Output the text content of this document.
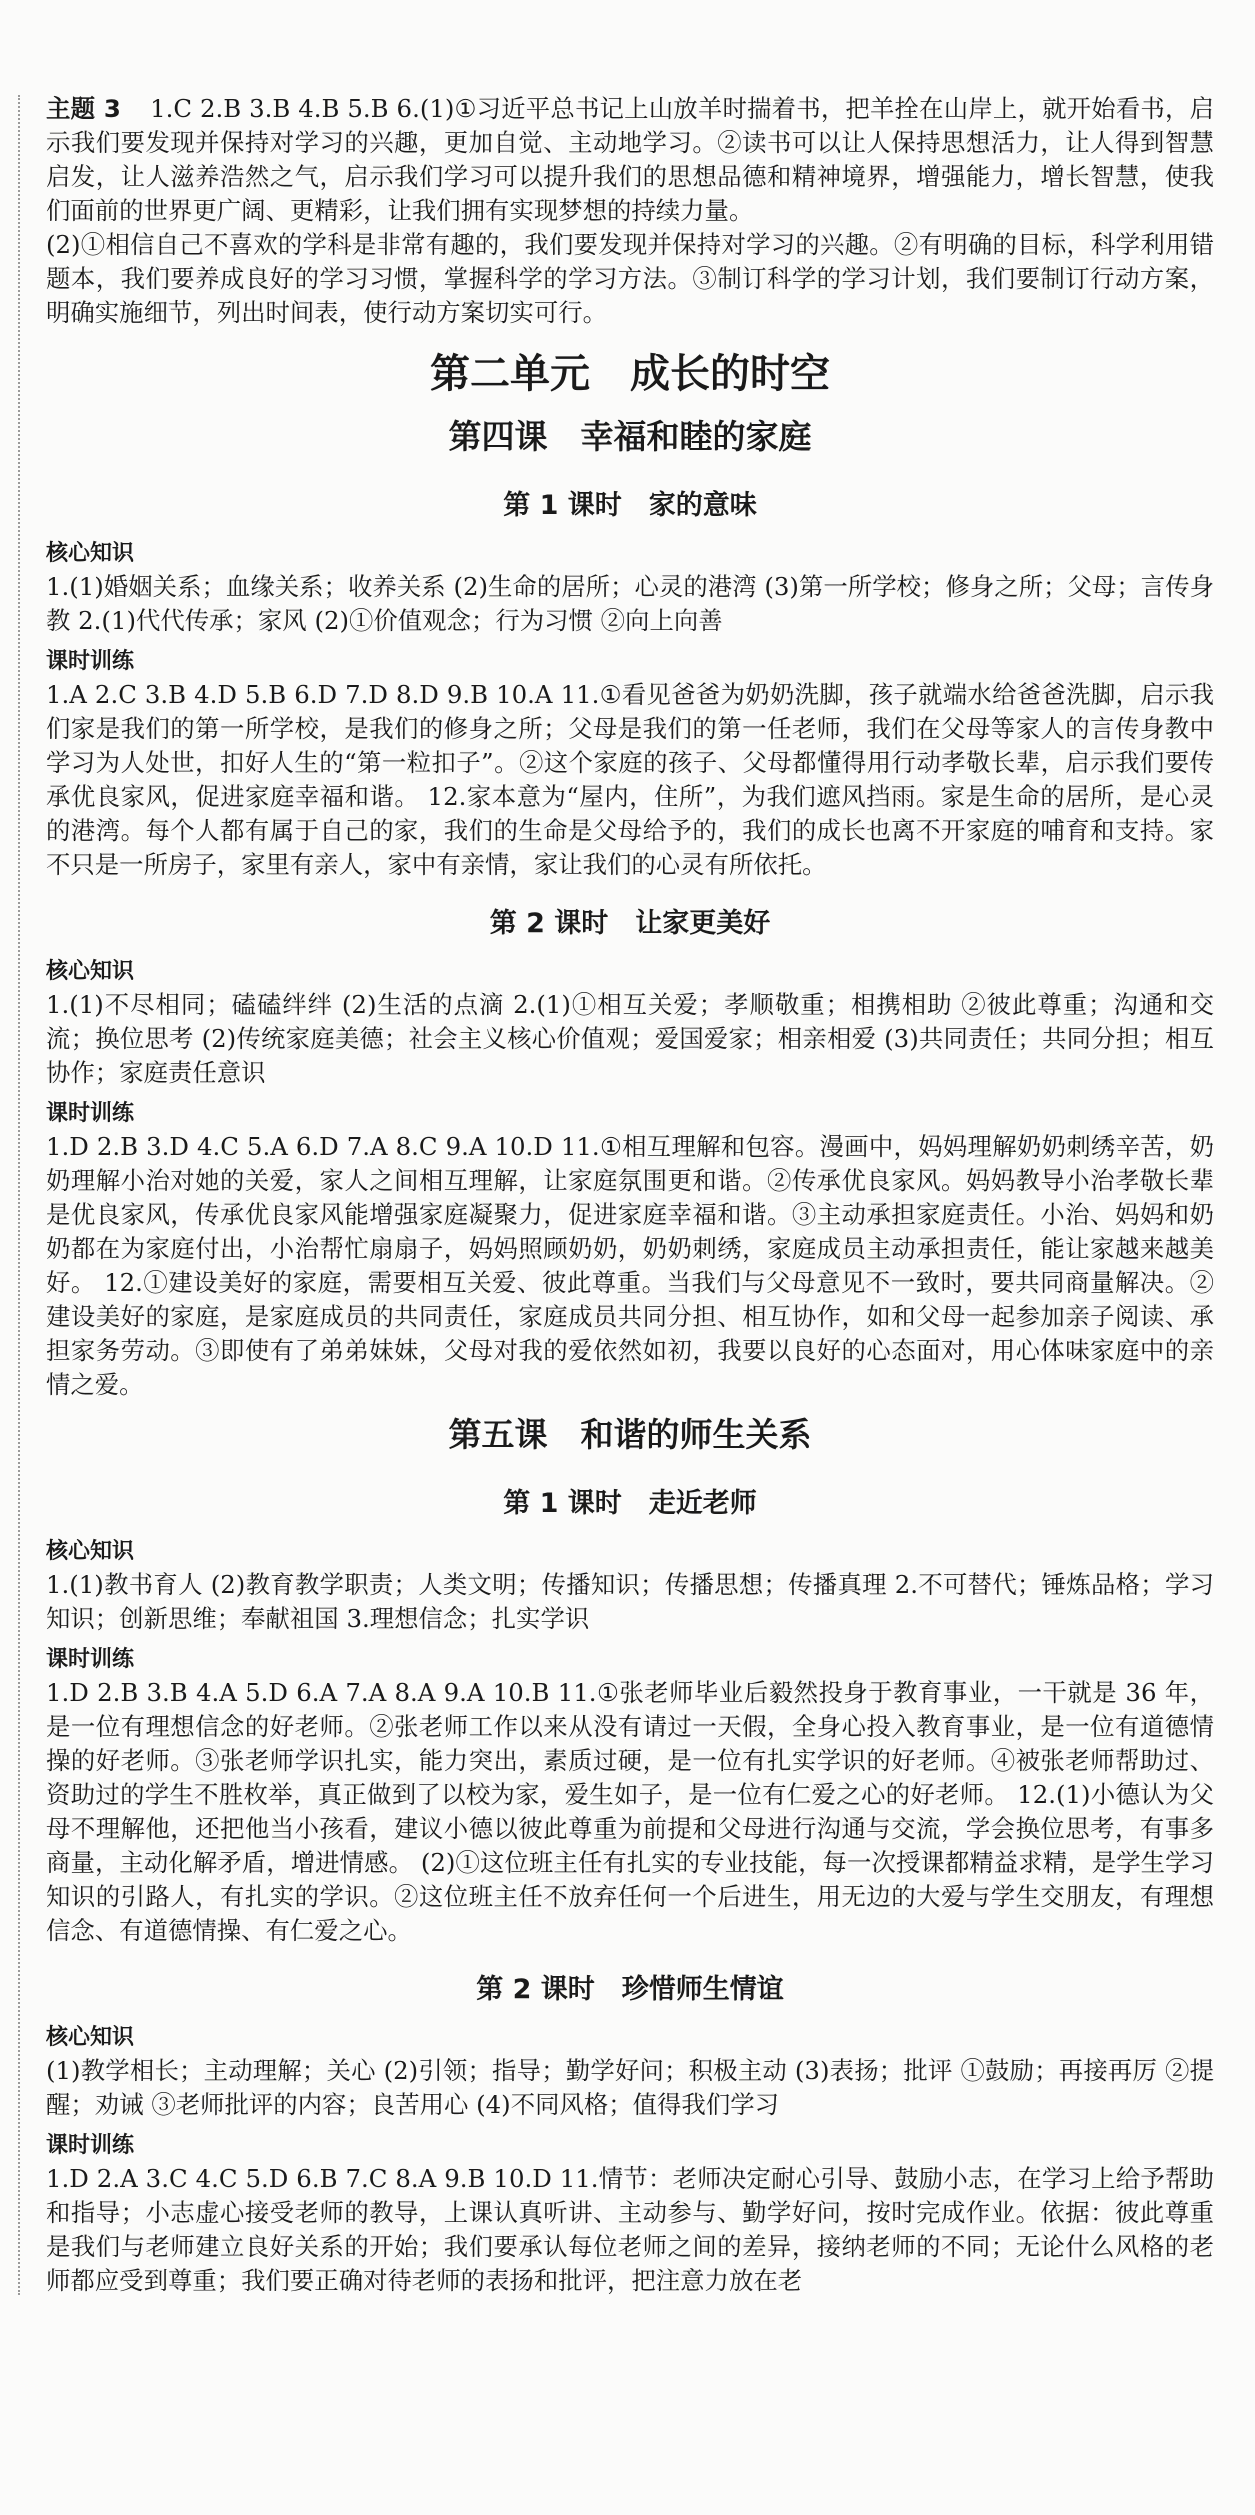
主题 3 1.C 2.B 3.B 4.B 5.B 6.(1)①习近平总书记上山放羊时揣着书，把羊拴在山岸上，就开始看书，启示我们要发现并保持对学习的兴趣，更加自觉、主动地学习。②读书可以让人保持思想活力，让人得到智慧启发，让人滋养浩然之气，启示我们学习可以提升我们的思想品德和精神境界，增强能力，增长智慧，使我们面前的世界更广阔、更精彩，让我们拥有实现梦想的持续力量。

(2)①相信自己不喜欢的学科是非常有趣的，我们要发现并保持对学习的兴趣。②有明确的目标，科学利用错题本，我们要养成良好的学习习惯，掌握科学的学习方法。③制订科学的学习计划，我们要制订行动方案，明确实施细节，列出时间表，使行动方案切实可行。

第二单元　成长的时空
第四课　幸福和睦的家庭
第 1 课时　家的意味
核心知识

1.(1)婚姻关系；血缘关系；收养关系 (2)生命的居所；心灵的港湾 (3)第一所学校；修身之所；父母；言传身教 2.(1)代代传承；家风 (2)①价值观念；行为习惯 ②向上向善

课时训练

1.A 2.C 3.B 4.D 5.B 6.D 7.D 8.D 9.B 10.A 11.①看见爸爸为奶奶洗脚，孩子就端水给爸爸洗脚，启示我们家是我们的第一所学校，是我们的修身之所；父母是我们的第一任老师，我们在父母等家人的言传身教中学习为人处世，扣好人生的“第一粒扣子”。②这个家庭的孩子、父母都懂得用行动孝敬长辈，启示我们要传承优良家风，促进家庭幸福和谐。 12.家本意为“屋内，住所”，为我们遮风挡雨。家是生命的居所，是心灵的港湾。每个人都有属于自己的家，我们的生命是父母给予的，我们的成长也离不开家庭的哺育和支持。家不只是一所房子，家里有亲人，家中有亲情，家让我们的心灵有所依托。

第 2 课时　让家更美好
核心知识

1.(1)不尽相同；磕磕绊绊 (2)生活的点滴 2.(1)①相互关爱；孝顺敬重；相携相助 ②彼此尊重；沟通和交流；换位思考 (2)传统家庭美德；社会主义核心价值观；爱国爱家；相亲相爱 (3)共同责任；共同分担；相互协作；家庭责任意识

课时训练

1.D 2.B 3.D 4.C 5.A 6.D 7.A 8.C 9.A 10.D 11.①相互理解和包容。漫画中，妈妈理解奶奶刺绣辛苦，奶奶理解小治对她的关爱，家人之间相互理解，让家庭氛围更和谐。②传承优良家风。妈妈教导小治孝敬长辈是优良家风，传承优良家风能增强家庭凝聚力，促进家庭幸福和谐。③主动承担家庭责任。小治、妈妈和奶奶都在为家庭付出，小治帮忙扇扇子，妈妈照顾奶奶，奶奶刺绣，家庭成员主动承担责任，能让家越来越美好。 12.①建设美好的家庭，需要相互关爱、彼此尊重。当我们与父母意见不一致时，要共同商量解决。②建设美好的家庭，是家庭成员的共同责任，家庭成员共同分担、相互协作，如和父母一起参加亲子阅读、承担家务劳动。③即使有了弟弟妹妹，父母对我的爱依然如初，我要以良好的心态面对，用心体味家庭中的亲情之爱。

第五课　和谐的师生关系
第 1 课时　走近老师
核心知识

1.(1)教书育人 (2)教育教学职责；人类文明；传播知识；传播思想；传播真理 2.不可替代；锤炼品格；学习知识；创新思维；奉献祖国 3.理想信念；扎实学识

课时训练

1.D 2.B 3.B 4.A 5.D 6.A 7.A 8.A 9.A 10.B 11.①张老师毕业后毅然投身于教育事业，一干就是 36 年，是一位有理想信念的好老师。②张老师工作以来从没有请过一天假，全身心投入教育事业，是一位有道德情操的好老师。③张老师学识扎实，能力突出，素质过硬，是一位有扎实学识的好老师。④被张老师帮助过、资助过的学生不胜枚举，真正做到了以校为家，爱生如子，是一位有仁爱之心的好老师。 12.(1)小德认为父母不理解他，还把他当小孩看，建议小德以彼此尊重为前提和父母进行沟通与交流，学会换位思考，有事多商量，主动化解矛盾，增进情感。 (2)①这位班主任有扎实的专业技能，每一次授课都精益求精，是学生学习知识的引路人，有扎实的学识。②这位班主任不放弃任何一个后进生，用无边的大爱与学生交朋友，有理想信念、有道德情操、有仁爱之心。

第 2 课时　珍惜师生情谊
核心知识

(1)教学相长；主动理解；关心 (2)引领；指导；勤学好问；积极主动 (3)表扬；批评 ①鼓励；再接再厉 ②提醒；劝诫 ③老师批评的内容；良苦用心 (4)不同风格；值得我们学习

课时训练

1.D 2.A 3.C 4.C 5.D 6.B 7.C 8.A 9.B 10.D 11.情节：老师决定耐心引导、鼓励小志，在学习上给予帮助和指导；小志虚心接受老师的教导，上课认真听讲、主动参与、勤学好问，按时完成作业。依据：彼此尊重是我们与老师建立良好关系的开始；我们要承认每位老师之间的差异，接纳老师的不同；无论什么风格的老师都应受到尊重；我们要正确对待老师的表扬和批评，把注意力放在老
